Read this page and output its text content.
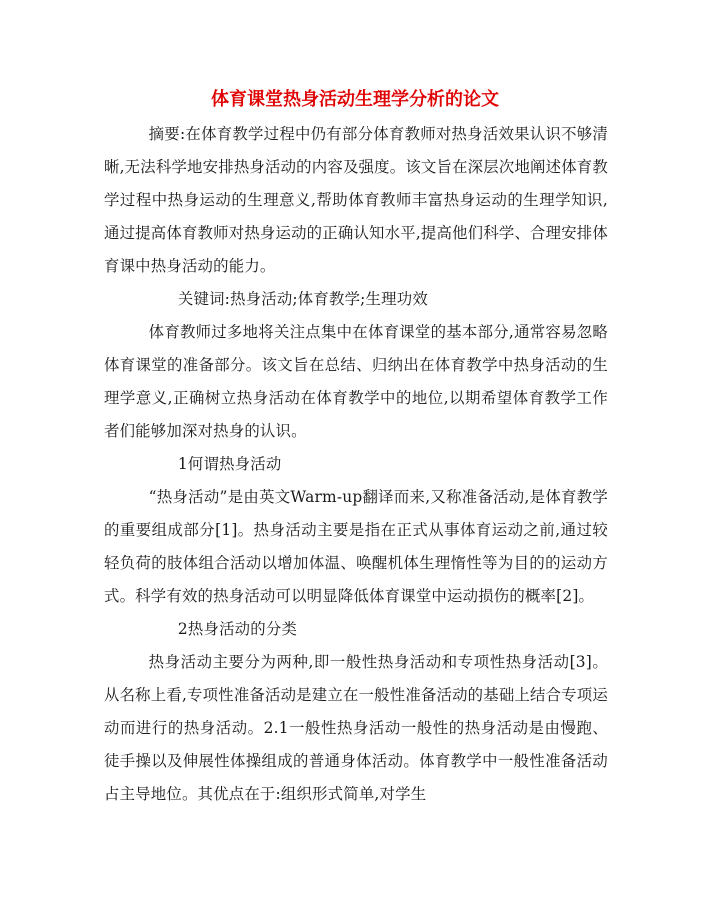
体育课堂热身活动生理学分析的论文

摘要:在体育教学过程中仍有部分体育教师对热身活效果认识不够清晰,无法科学地安排热身活动的内容及强度。该文旨在深层次地阐述体育教学过程中热身运动的生理意义,帮助体育教师丰富热身运动的生理学知识,通过提高体育教师对热身运动的正确认知水平,提高他们科学、合理安排体育课中热身活动的能力。

关键词:热身活动;体育教学;生理功效

体育教师过多地将关注点集中在体育课堂的基本部分,通常容易忽略体育课堂的准备部分。该文旨在总结、归纳出在体育教学中热身活动的生理学意义,正确树立热身活动在体育教学中的地位,以期希望体育教学工作者们能够加深对热身的认识。

1何谓热身活动

“热身活动”是由英文Warm-up翻译而来,又称准备活动,是体育教学的重要组成部分[1]。热身活动主要是指在正式从事体育运动之前,通过较轻负荷的肢体组合活动以增加体温、唤醒机体生理惰性等为目的的运动方式。科学有效的热身活动可以明显降低体育课堂中运动损伤的概率[2]。

2热身活动的分类

热身活动主要分为两种,即一般性热身活动和专项性热身活动[3]。从名称上看,专项性准备活动是建立在一般性准备活动的基础上结合专项运动而进行的热身活动。2.1一般性热身活动一般性的热身活动是由慢跑、徒手操以及伸展性体操组成的普通身体活动。体育教学中一般性准备活动占主导地位。其优点在于:组织形式简单,对学生
